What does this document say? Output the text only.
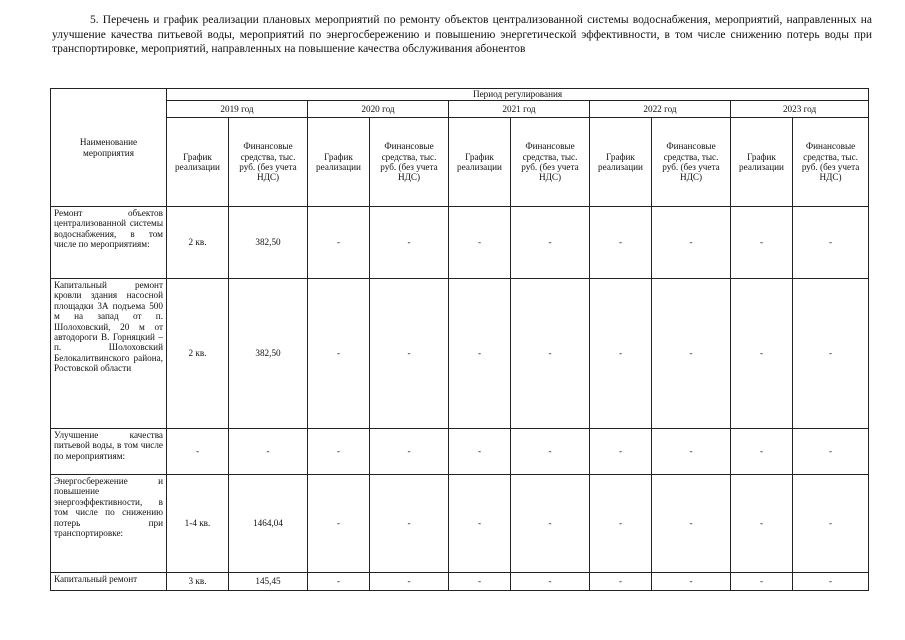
5. Перечень и график реализации плановых мероприятий по ремонту объектов централизованной системы водоснабжения, мероприятий, направленных на улучшение качества питьевой воды, мероприятий по энергосбережению и повышению энергетической эффективности, в том числе снижению потерь воды при транспортировке, мероприятий, направленных на повышение качества обслуживания абонентов
Наименование мероприятия	Период регулирования									
	2019 год		2020 год		2021 год		2022 год		2023 год	
	График реализации	Финансовые средства, тыс. руб. (без учета НДС)	График реализации	Финансовые средства, тыс. руб. (без учета НДС)	График реализации	Финансовые средства, тыс. руб. (без учета НДС)	График реализации	Финансовые средства, тыс. руб. (без учета НДС)	График реализации	Финансовые средства, тыс. руб. (без учета НДС)
Ремонт объектов централизованной системы водоснабжения, в том числе по мероприятиям:	2 кв.	382,50	-	-	-	-	-	-	-	-
Капитальный ремонт кровли здания насосной площадки 3А подъема 500 м на запад от п. Шолоховский, 20 м от автодороги В. Горняцкий – п. Шолоховский Белокалитвинского района, Ростовской области	2 кв.	382,50	-	-	-	-	-	-	-	-
Улучшение качества питьевой воды, в том числе по мероприятиям:	-	-	-	-	-	-	-	-	-	-
Энергосбережение и повышение энергоэффективности, в том числе по снижению потерь при транспортировке:	1-4 кв.	1464,04	-	-	-	-	-	-	-	-
Капитальный ремонт	3 кв.	145,45	-	-	-	-	-	-	-	-
